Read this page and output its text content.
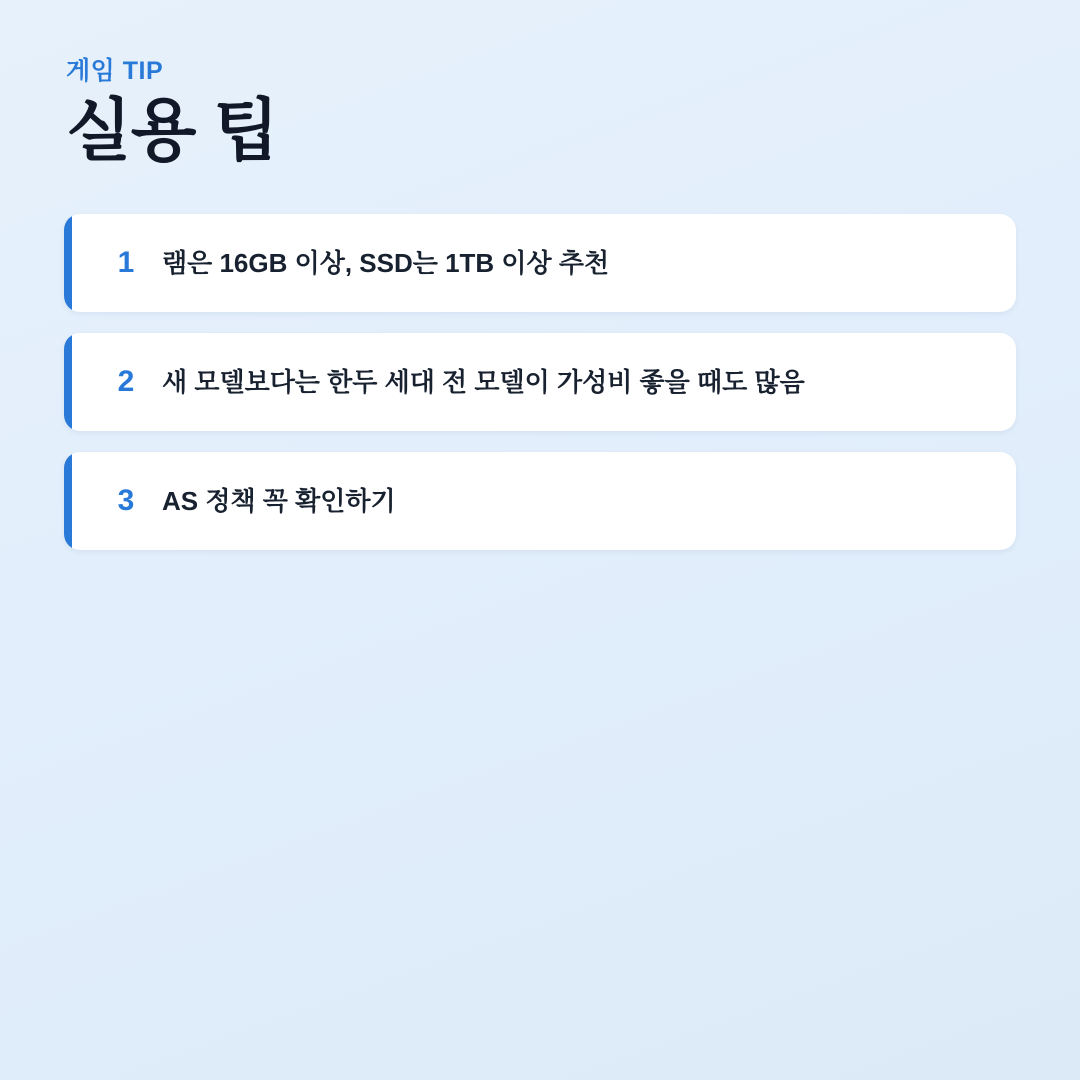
게임 TIP
실용 팁
1	램은 16GB 이상, SSD는 1TB 이상 추천
2	새 모델보다는 한두 세대 전 모델이 가성비 좋을 때도 많음
3	AS 정책 꼭 확인하기
